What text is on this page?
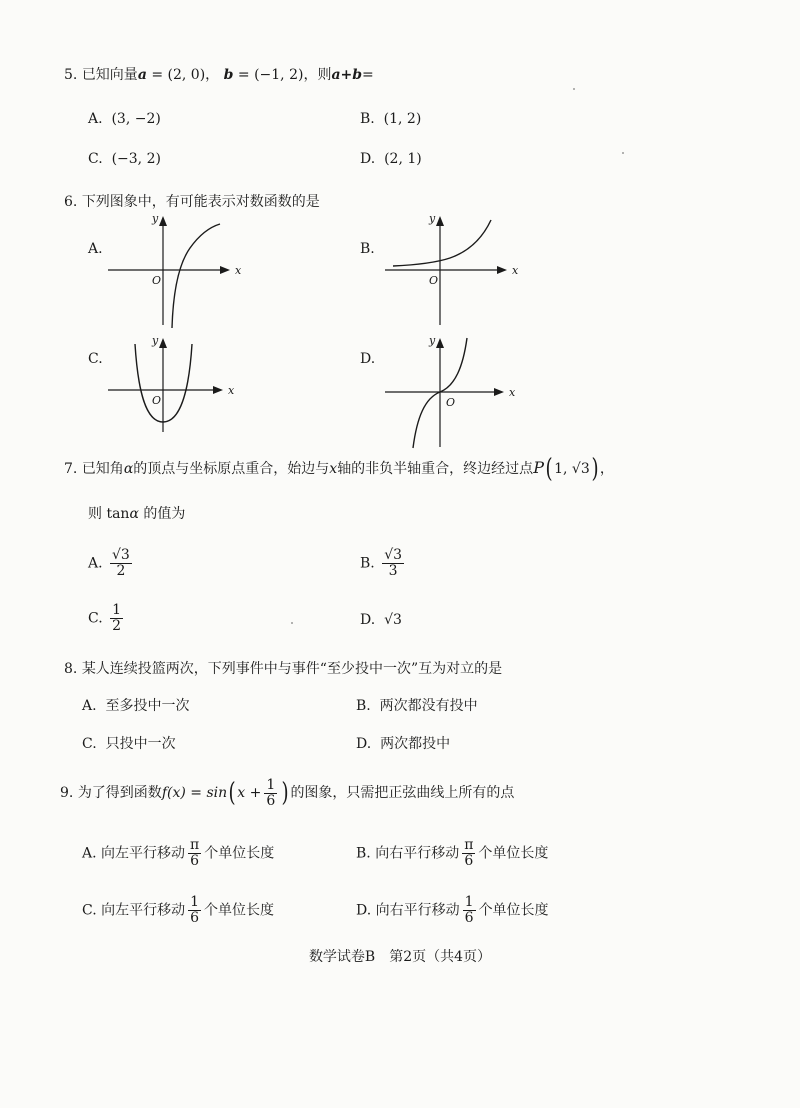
5. 已知向量a = (2, 0)， b = (−1, 2)，则a+b=
A. (3, −2)	B. (1, 2)
C. (−3, 2)	D. (2, 1)
6. 下列图象中，有可能表示对数函数的是
A.
x
y
O
B.
x
y
O
C.
x
y
O
D.
x
y
O
7. 已知角α的顶点与坐标原点重合，始边与x轴的非负半轴重合，终边经过点P( 1, √3) ，
则 tanα 的值为
A. $\frac{√3}{2}$	B. $\frac{√3}{3}$
C. $\frac{1}{2}$	D. √3
8. 某人连续投篮两次，下列事件中与事件“至少投中一次”互为对立的是
A. 至多投中一次	B. 两次都没有投中
C. 只投中一次	D. 两次都投中
9. 为了得到函数f(x) = sin( $x + \frac{1}{6}$ ) 的图象，只需把正弦曲线上所有的点
A. 向左平行移动 $\frac{\pi}{6}$ 个单位长度	B. 向右平行移动 $\frac{\pi}{6}$ 个单位长度
C. 向左平行移动 $\frac{1}{6}$ 个单位长度	D. 向右平行移动 $\frac{1}{6}$ 个单位长度
数学试卷B　第2页（共4页）
